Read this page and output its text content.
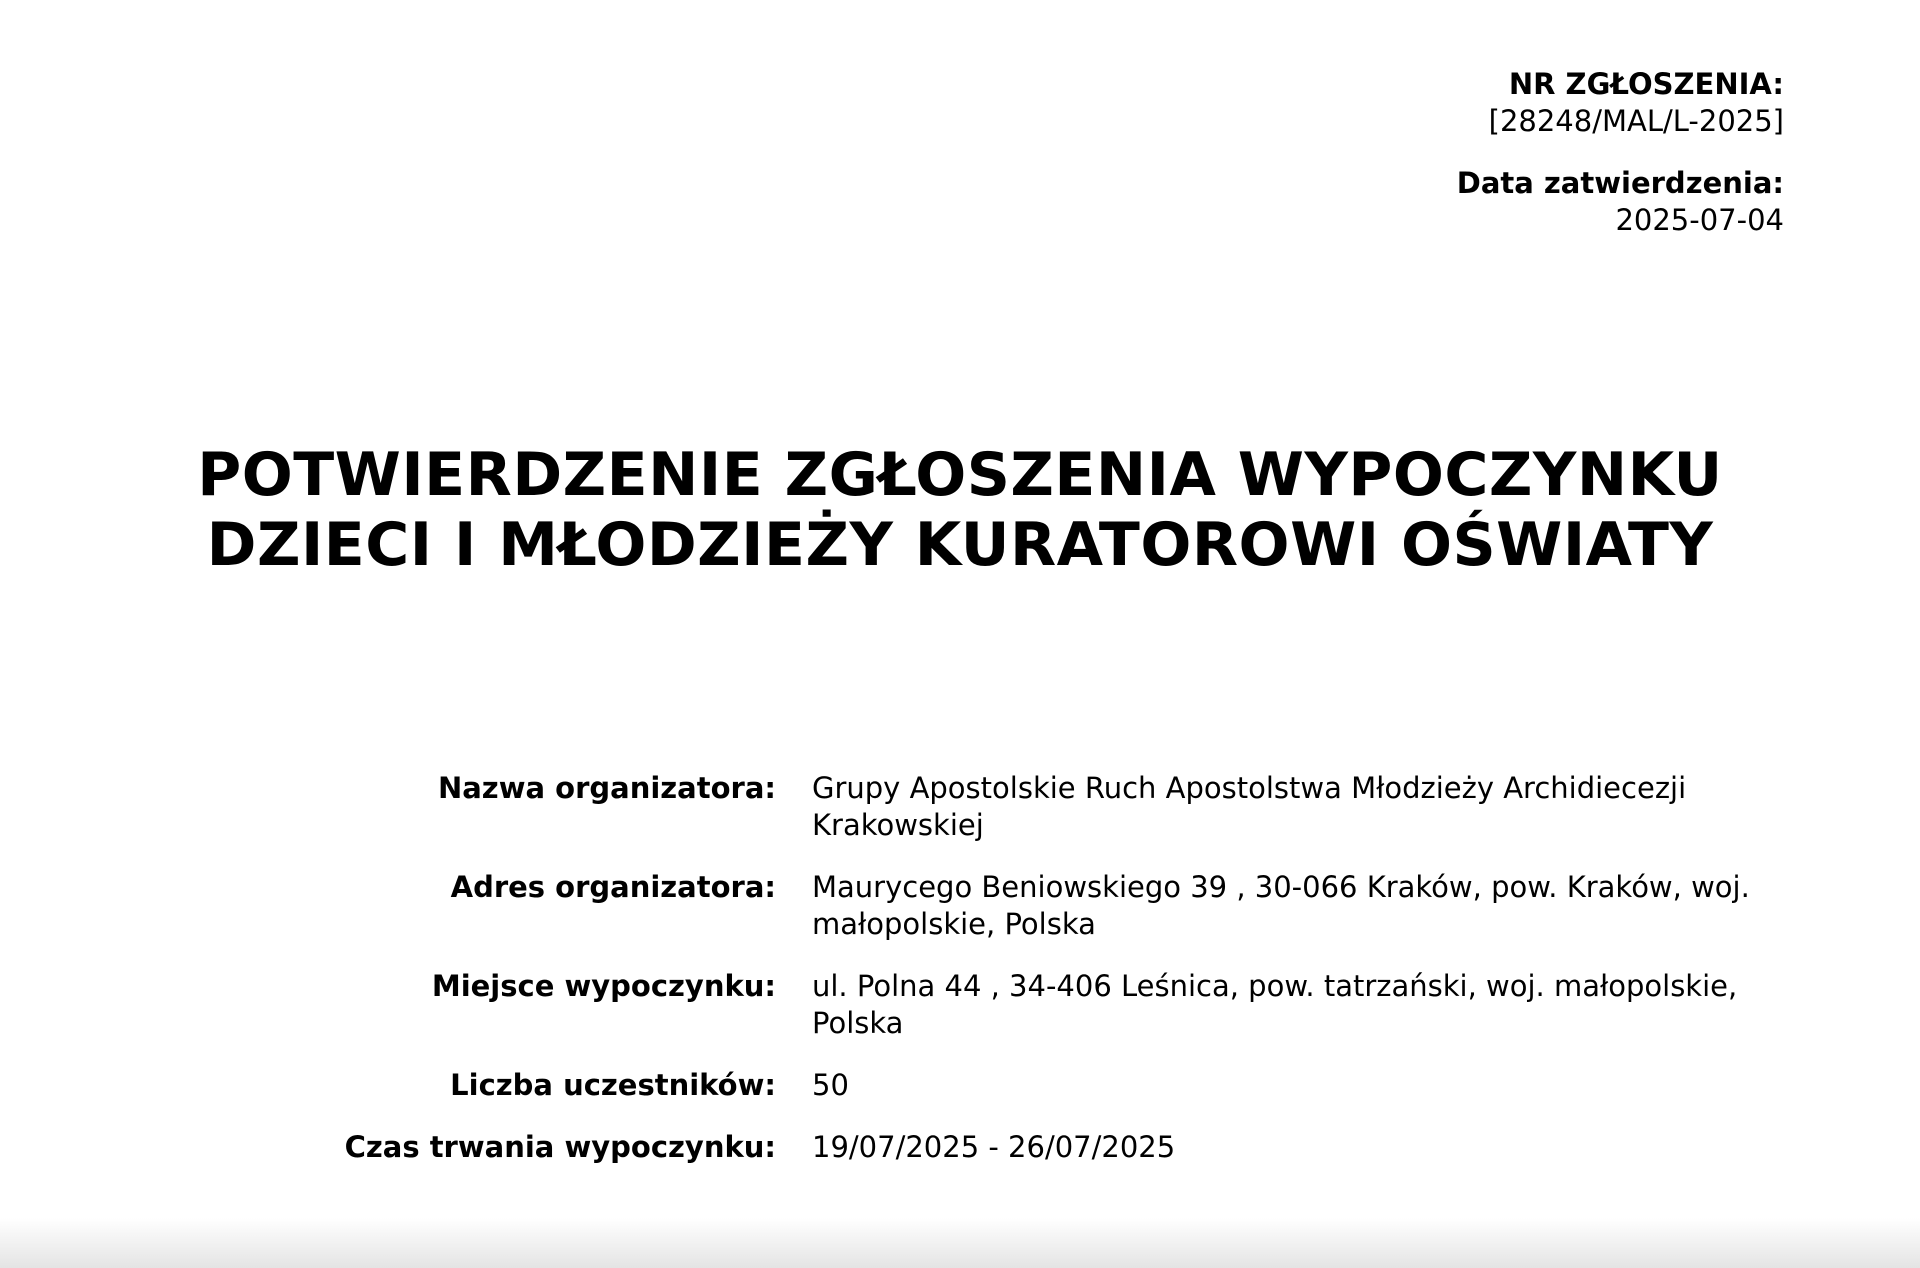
NR ZGŁOSZENIA:
[28248/MAL/L-2025]
Data zatwierdzenia:
2025-07-04
POTWIERDZENIE ZGŁOSZENIA WYPOCZYNKU
DZIECI I MŁODZIEŻY KURATOROWI OŚWIATY
Nazwa organizatora: Grupy Apostolskie Ruch Apostolstwa Młodzieży Archidiecezji Krakowskiej
Adres organizatora: Maurycego Beniowskiego 39 , 30-066 Kraków, pow. Kraków, woj. małopolskie, Polska
Miejsce wypoczynku: ul. Polna 44 , 34-406 Leśnica, pow. tatrzański, woj. małopolskie, Polska
Liczba uczestników: 50
Czas trwania wypoczynku: 19/07/2025 - 26/07/2025
